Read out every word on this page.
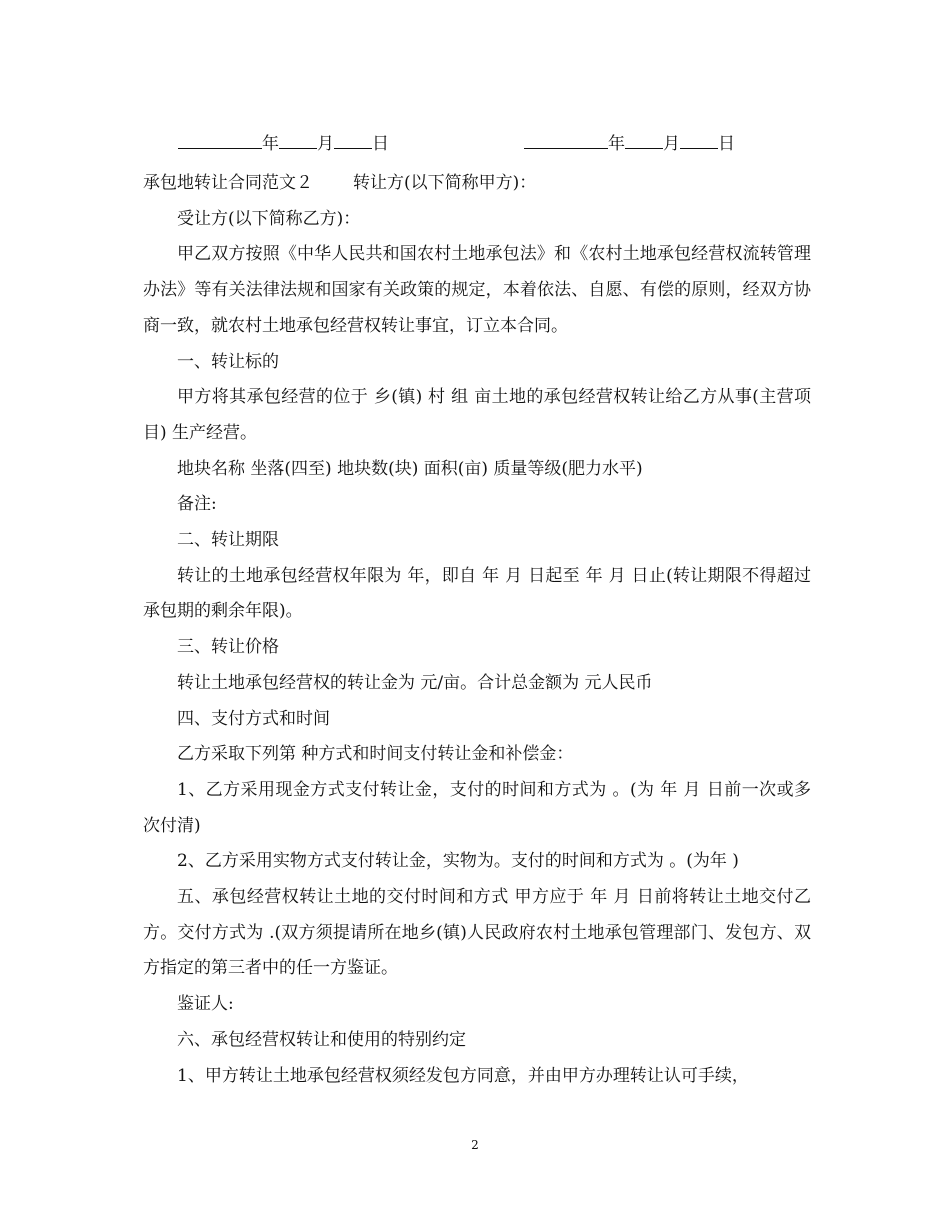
年 月 日	年 月 日

承包地转让合同范文２ 转让方(以下简称甲方)：

受让方(以下简称乙方)：

甲乙双方按照《中华人民共和国农村土地承包法》和《农村土地承包经营权流转管理办法》等有关法律法规和国家有关政策的规定，本着依法、自愿、有偿的原则，经双方协商一致，就农村土地承包经营权转让事宜，订立本合同。

一、转让标的

甲方将其承包经营的位于 乡(镇) 村 组 亩土地的承包经营权转让给乙方从事(主营项目) 生产经营。

地块名称 坐落(四至) 地块数(块) 面积(亩) 质量等级(肥力水平)

备注:

二、转让期限

转让的土地承包经营权年限为 年，即自 年 月 日起至 年 月 日止(转让期限不得超过承包期的剩余年限)。

三、转让价格

转让土地承包经营权的转让金为 元/亩。合计总金额为 元人民币

四、支付方式和时间

乙方采取下列第 种方式和时间支付转让金和补偿金：

1、乙方采用现金方式支付转让金，支付的时间和方式为 。(为 年 月 日前一次或多次付清)

2、乙方采用实物方式支付转让金，实物为。支付的时间和方式为 。(为年 )

五、承包经营权转让土地的交付时间和方式 甲方应于 年 月 日前将转让土地交付乙方。交付方式为 .(双方须提请所在地乡(镇)人民政府农村土地承包管理部门、发包方、双方指定的第三者中的任一方鉴证。

鉴证人:

六、承包经营权转让和使用的特别约定

1、甲方转让土地承包经营权须经发包方同意，并由甲方办理转让认可手续，

2
